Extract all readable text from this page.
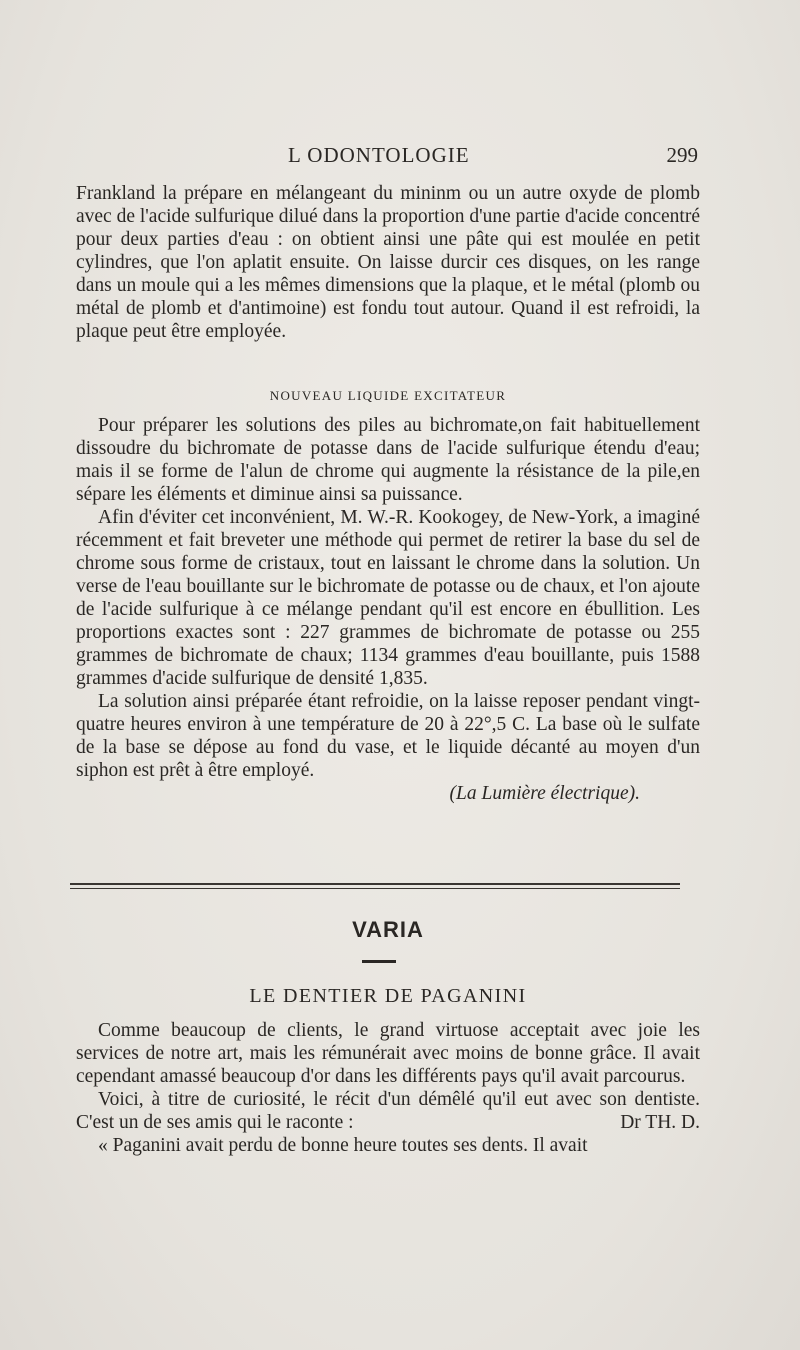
L ODONTOLOGIE	299

Frankland la prépare en mélangeant du mininm ou un autre oxyde de plomb avec de l'acide sulfurique dilué dans la proportion d'une partie d'acide concentré pour deux parties d'eau : on obtient ainsi une pâte qui est moulée en petit cylindres, que l'on aplatit ensuite. On laisse durcir ces disques, on les range dans un moule qui a les mêmes dimensions que la plaque, et le métal (plomb ou métal de plomb et d'antimoine) est fondu tout autour. Quand il est refroidi, la plaque peut être employée.

NOUVEAU LIQUIDE EXCITATEUR

Pour préparer les solutions des piles au bichromate,on fait habituellement dissoudre du bichromate de potasse dans de l'acide sulfurique étendu d'eau; mais il se forme de l'alun de chrome qui augmente la résistance de la pile,en sépare les éléments et diminue ainsi sa puissance.

Afin d'éviter cet inconvénient, M. W.-R. Kookogey, de New-York, a imaginé récemment et fait breveter une méthode qui permet de retirer la base du sel de chrome sous forme de cristaux, tout en laissant le chrome dans la solution. Un verse de l'eau bouillante sur le bichromate de potasse ou de chaux, et l'on ajoute de l'acide sulfurique à ce mélange pendant qu'il est encore en ébullition. Les proportions exactes sont : 227 grammes de bichromate de potasse ou 255 grammes de bichromate de chaux; 1134 grammes d'eau bouillante, puis 1588 grammes d'acide sulfurique de densité 1,835.

La solution ainsi préparée étant refroidie, on la laisse reposer pendant vingt-quatre heures environ à une température de 20 à 22°,5 C. La base où le sulfate de la base se dépose au fond du vase, et le liquide décanté au moyen d'un siphon est prêt à être employé.

(La Lumière électrique).

VARIA
LE DENTIER DE PAGANINI

Comme beaucoup de clients, le grand virtuose acceptait avec joie les services de notre art, mais les rémunérait avec moins de bonne grâce. Il avait cependant amassé beaucoup d'or dans les différents pays qu'il avait parcourus.

Voici, à titre de curiosité, le récit d'un démêlé qu'il eut avec son dentiste. C'est un de ses amis qui le raconte :	Dr TH. D.

« Paganini avait perdu de bonne heure toutes ses dents. Il avait
